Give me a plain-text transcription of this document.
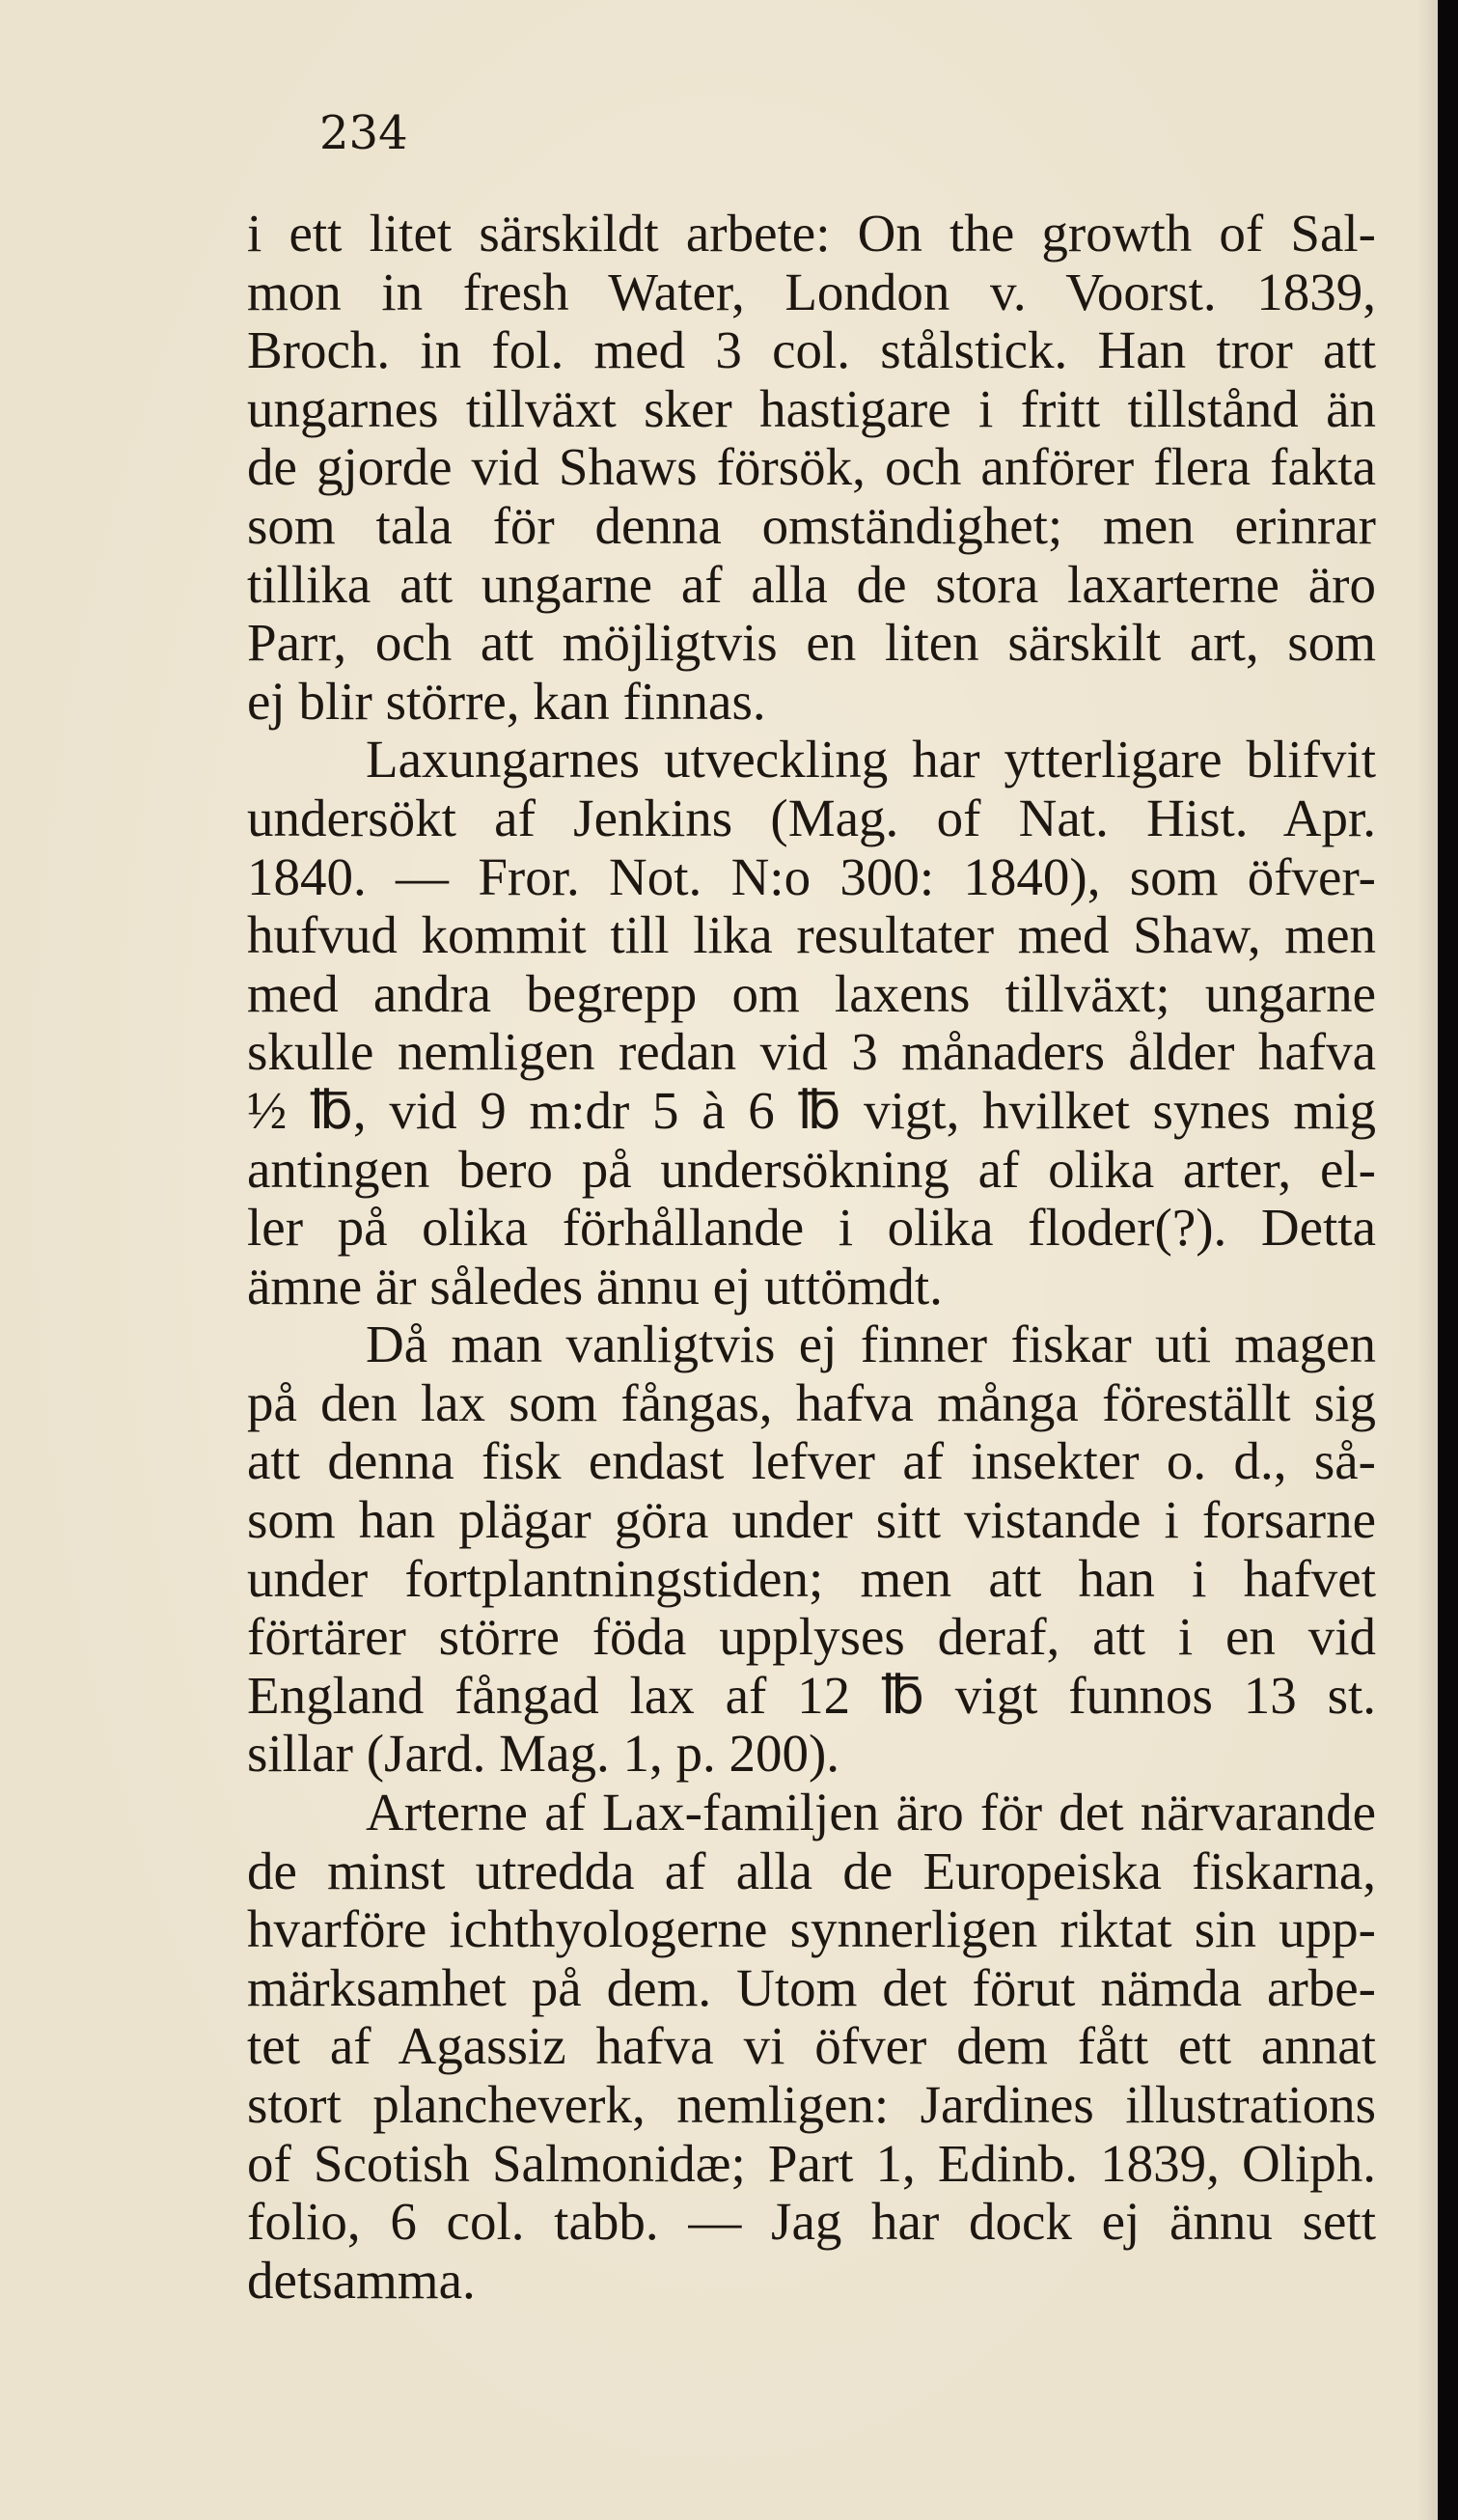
234

i ett litet särskildt arbete: On the growth of Sal-
mon in fresh Water, London v. Voorst. 1839,
Broch. in fol. med 3 col. stålstick. Han tror att
ungarnes tillväxt sker hastigare i fritt tillstånd än
de gjorde vid Shaws försök, och anförer flera fakta
som tala för denna omständighet; men erinrar
tillika att ungarne af alla de stora laxarterne äro
Parr, och att möjligtvis en liten särskilt art, som
ej blir större, kan finnas.
Laxungarnes utveckling har ytterligare blifvit
undersökt af Jenkins (Mag. of Nat. Hist. Apr.
1840. — Fror. Not. N:o 300: 1840), som öfver-
hufvud kommit till lika resultater med Shaw, men
med andra begrepp om laxens tillväxt; ungarne
skulle nemligen redan vid 3 månaders ålder hafva
½ ℔, vid 9 m:dr 5 à 6 ℔ vigt, hvilket synes mig
antingen bero på undersökning af olika arter, el-
ler på olika förhållande i olika floder(?). Detta
ämne är således ännu ej uttömdt.
Då man vanligtvis ej finner fiskar uti magen
på den lax som fångas, hafva många föreställt sig
att denna fisk endast lefver af insekter o. d., så-
som han plägar göra under sitt vistande i forsarne
under fortplantningstiden; men att han i hafvet
förtärer större föda upplyses deraf, att i en vid
England fångad lax af 12 ℔ vigt funnos 13 st.
sillar (Jard. Mag. 1, p. 200).
Arterne af Lax-familjen äro för det närvarande
de minst utredda af alla de Europeiska fiskarna,
hvarföre ichthyologerne synnerligen riktat sin upp-
märksamhet på dem. Utom det förut nämda arbe-
tet af Agassiz hafva vi öfver dem fått ett annat
stort plancheverk, nemligen: Jardines illustrations
of Scotish Salmonidæ; Part 1, Edinb. 1839, Oliph.
folio, 6 col. tabb. — Jag har dock ej ännu sett
detsamma.
